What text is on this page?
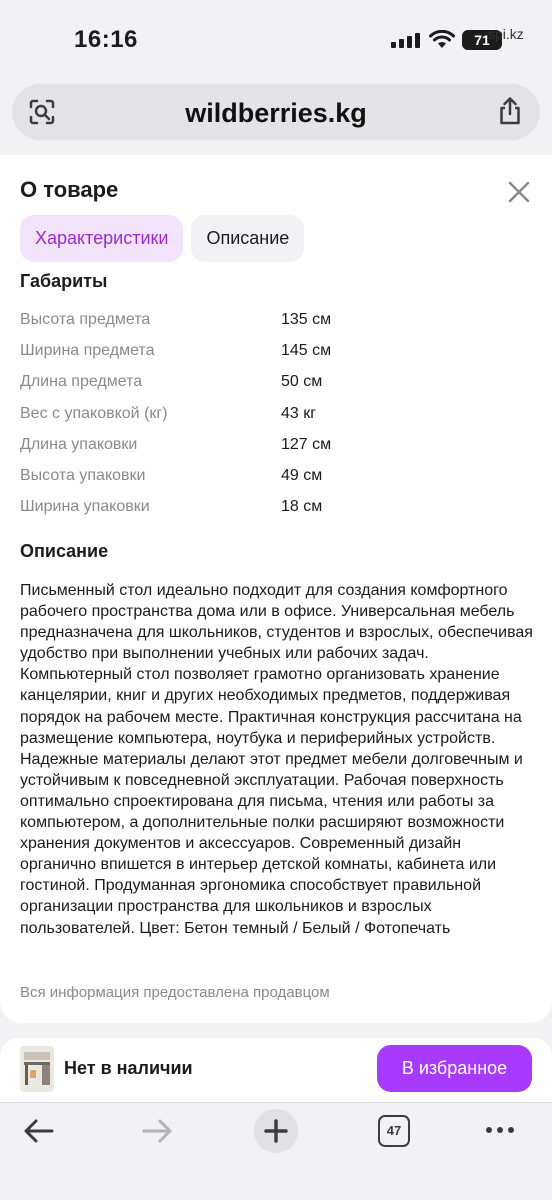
16:16	71
spi.kz
wildberries.kg
О товаре
Характеристики	Описание
Габариты
Высота предмета	135 см
Ширина предмета	145 см
Длина предмета	50 см
Вес с упаковкой (кг)	43 кг
Длина упаковки	127 см
Высота упаковки	49 см
Ширина упаковки	18 см
Описание
Письменный стол идеально подходит для создания комфортного рабочего пространства дома или в офисе. Универсальная мебель предназначена для школьников, студентов и взрослых, обеспечивая удобство при выполнении учебных или рабочих задач. Компьютерный стол позволяет грамотно организовать хранение канцелярии, книг и других необходимых предметов, поддерживая порядок на рабочем месте. Практичная конструкция рассчитана на размещение компьютера, ноутбука и периферийных устройств. Надежные материалы делают этот предмет мебели долговечным и устойчивым к повседневной эксплуатации. Рабочая поверхность оптимально спроектирована для письма, чтения или работы за компьютером, а дополнительные полки расширяют возможности хранения документов и аксессуаров. Современный дизайн органично впишется в интерьер детской комнаты, кабинета или гостиной. Продуманная эргономика способствует правильной организации пространства для школьников и взрослых пользователей. Цвет: Бетон темный / Белый / Фотопечать
Вся информация предоставлена продавцом
Нет в наличии	В избранное
47
